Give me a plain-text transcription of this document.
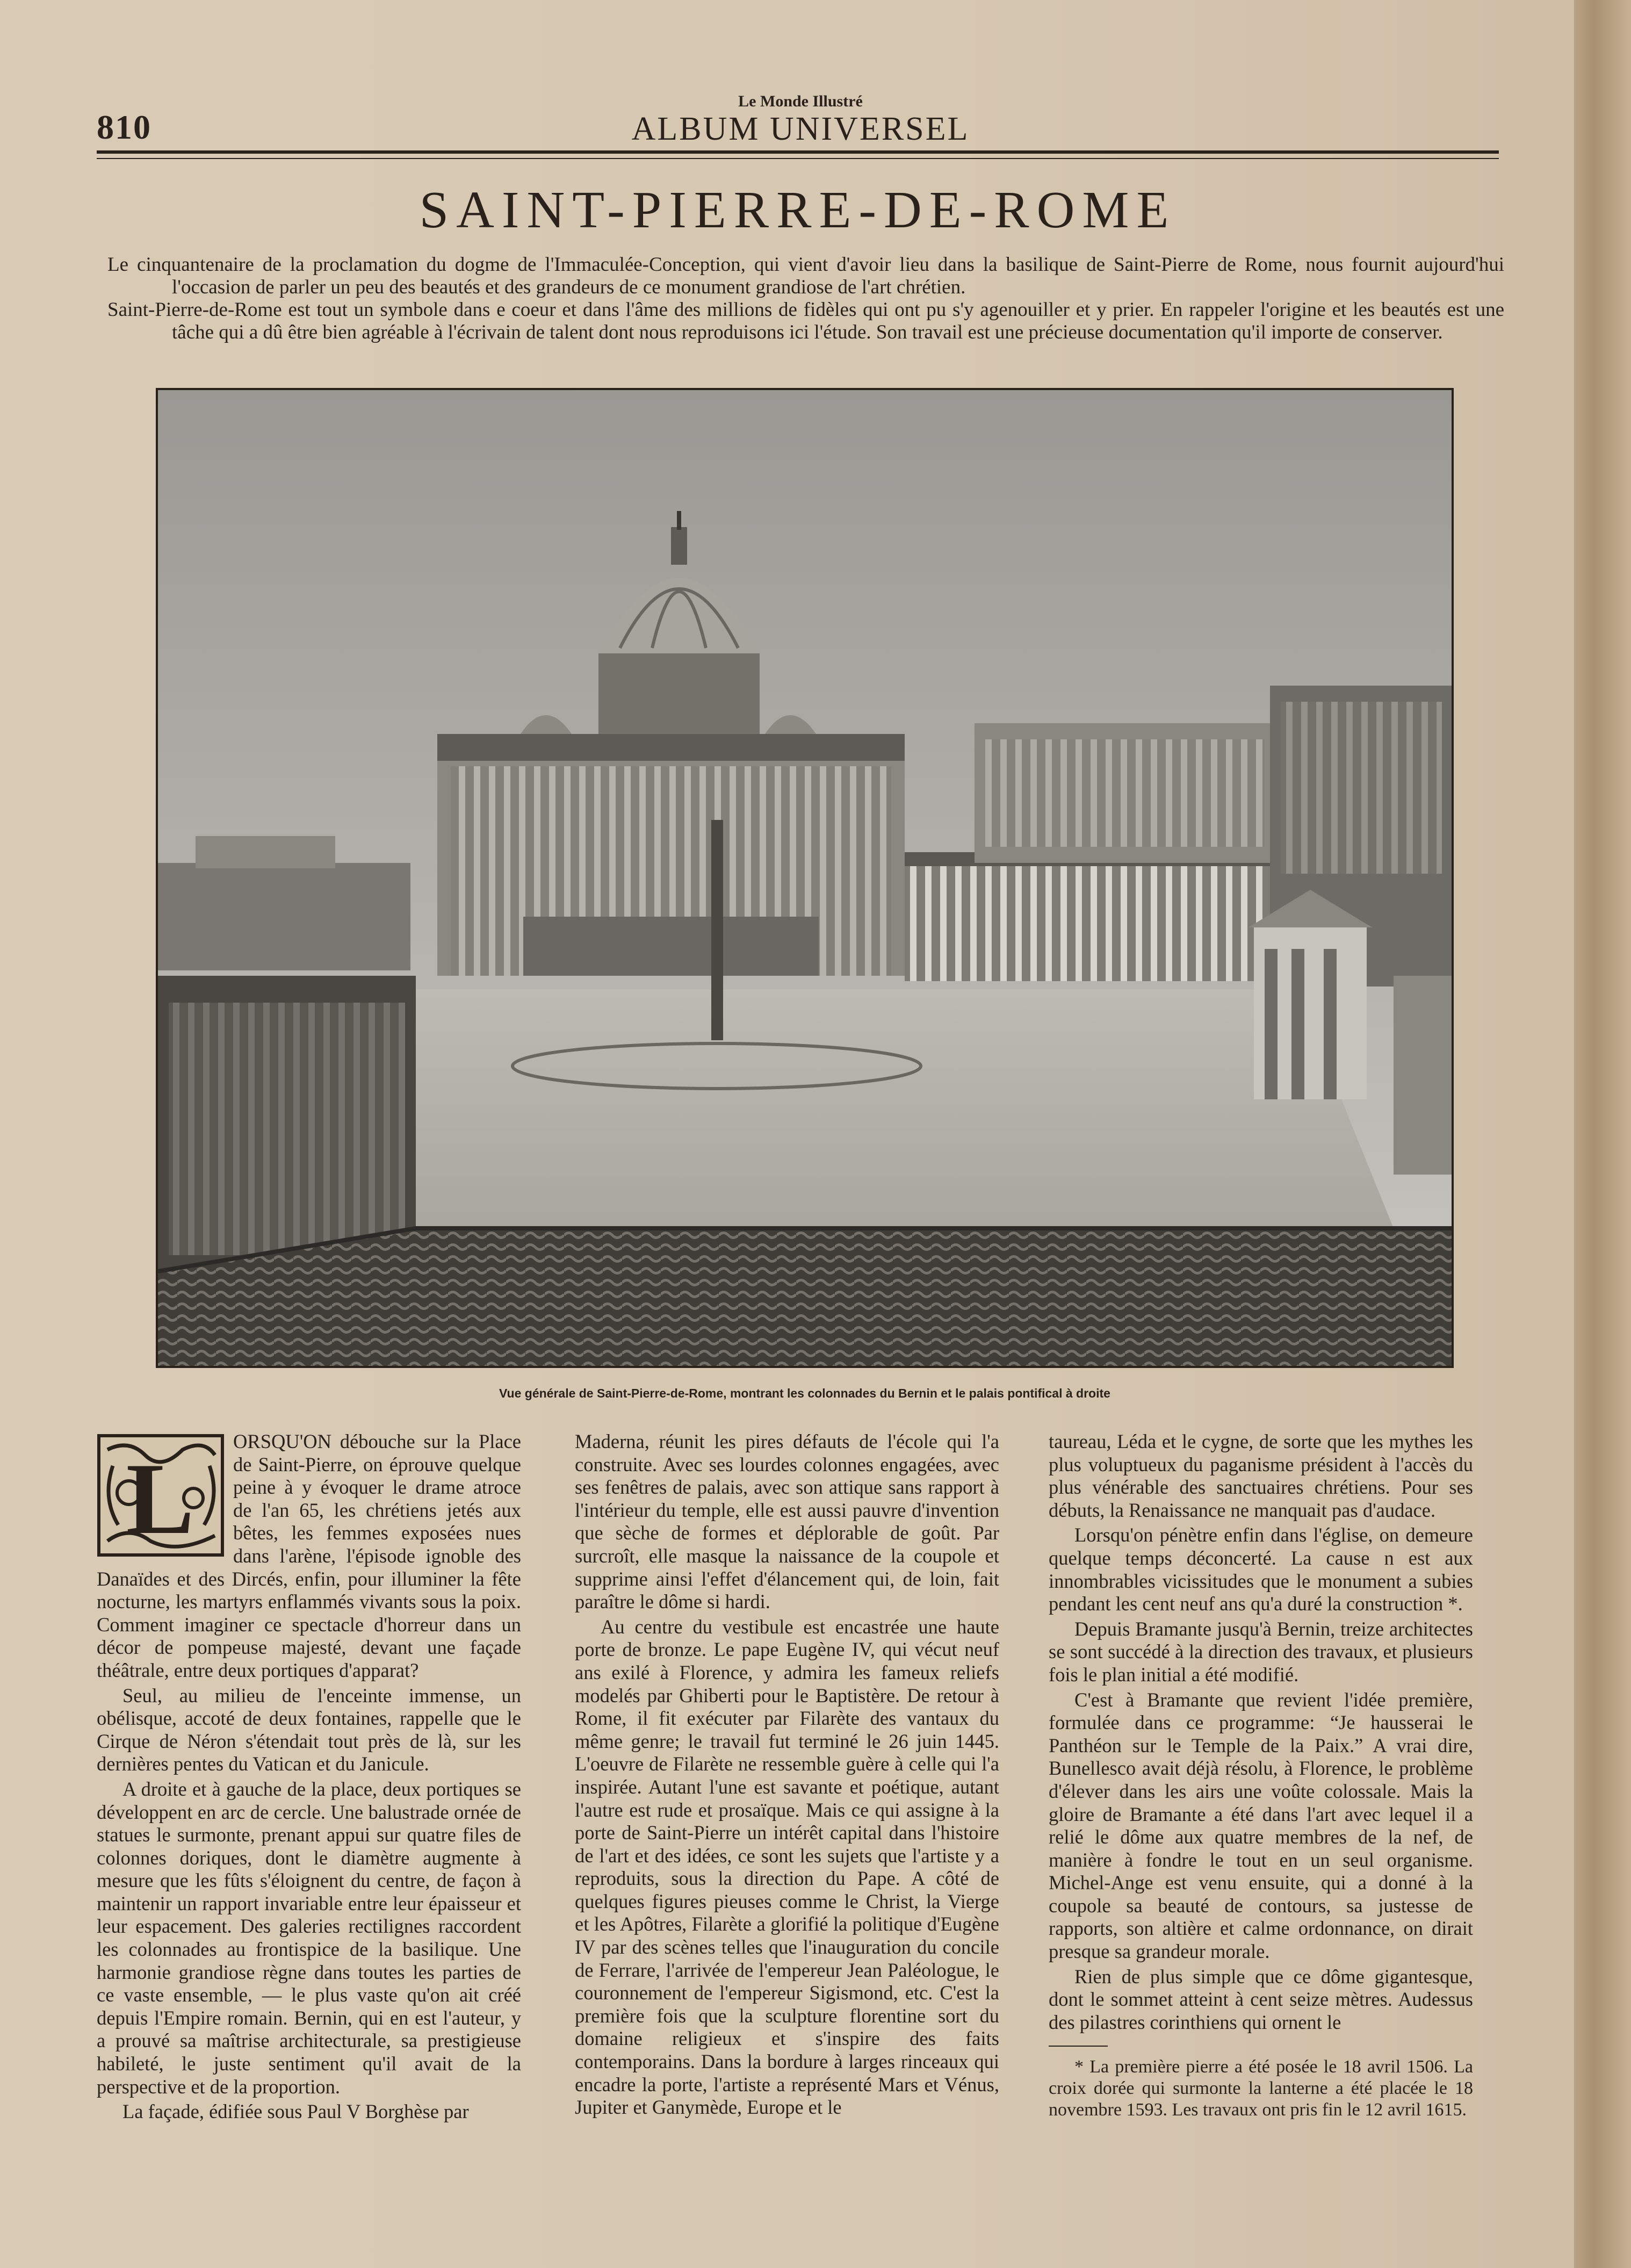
810
Le Monde Illustré
ALBUM UNIVERSEL
SAINT-PIERRE-DE-ROME

Le cinquantenaire de la proclamation du dogme de l'Immaculée-Conception, qui vient d'avoir lieu dans la basilique de Saint-Pierre de Rome, nous fournit aujourd'hui l'occasion de parler un peu des beautés et des grandeurs de ce monument grandiose de l'art chrétien.

Saint-Pierre-de-Rome est tout un symbole dans e coeur et dans l'âme des millions de fidèles qui ont pu s'y agenouiller et y prier. En rappeler l'origine et les beautés est une tâche qui a dû être bien agréable à l'écrivain de talent dont nous reproduisons ici l'étude. Son travail est une précieuse documentation qu'il importe de conserver.

Vue générale de Saint-Pierre-de-Rome, montrant les colonnades du Bernin et le palais pontifical à droite
L

ORSQU'ON débouche sur la Place de Saint-Pierre, on éprouve quelque peine à y évoquer le drame atroce de l'an 65, les chrétiens jetés aux bêtes, les femmes exposées nues dans l'arène, l'épisode ignoble des Danaïdes et des Dircés, enfin, pour illuminer la fête nocturne, les martyrs enflammés vivants sous la poix. Comment imaginer ce spectacle d'horreur dans un décor de pompeuse majesté, devant une façade théâtrale, entre deux portiques d'apparat?

Seul, au milieu de l'enceinte immense, un obélisque, accoté de deux fontaines, rappelle que le Cirque de Néron s'étendait tout près de là, sur les dernières pentes du Vatican et du Janicule.

A droite et à gauche de la place, deux portiques se développent en arc de cercle. Une balustrade ornée de statues le surmonte, prenant appui sur quatre files de colonnes doriques, dont le diamètre augmente à mesure que les fûts s'éloignent du centre, de façon à maintenir un rapport invariable entre leur épaisseur et leur espacement. Des galeries rectilignes raccordent les colonnades au frontispice de la basilique. Une harmonie grandiose règne dans toutes les parties de ce vaste ensemble, — le plus vaste qu'on ait créé depuis l'Empire romain. Bernin, qui en est l'auteur, y a prouvé sa maîtrise architecturale, sa prestigieuse habileté, le juste sentiment qu'il avait de la perspective et de la proportion.

La façade, édifiée sous Paul V Borghèse par

Maderna, réunit les pires défauts de l'école qui l'a construite. Avec ses lourdes colonnes engagées, avec ses fenêtres de palais, avec son attique sans rapport à l'intérieur du temple, elle est aussi pauvre d'invention que sèche de formes et déplorable de goût. Par surcroît, elle masque la naissance de la coupole et supprime ainsi l'effet d'élancement qui, de loin, fait paraître le dôme si hardi.

Au centre du vestibule est encastrée une haute porte de bronze. Le pape Eugène IV, qui vécut neuf ans exilé à Florence, y admira les fameux reliefs modelés par Ghiberti pour le Baptistère. De retour à Rome, il fit exécuter par Filarète des vantaux du même genre; le travail fut terminé le 26 juin 1445. L'oeuvre de Filarète ne ressemble guère à celle qui l'a inspirée. Autant l'une est savante et poétique, autant l'autre est rude et prosaïque. Mais ce qui assigne à la porte de Saint-Pierre un intérêt capital dans l'histoire de l'art et des idées, ce sont les sujets que l'artiste y a reproduits, sous la direction du Pape. A côté de quelques figures pieuses comme le Christ, la Vierge et les Apôtres, Filarète a glorifié la politique d'Eugène IV par des scènes telles que l'inauguration du concile de Ferrare, l'arrivée de l'empereur Jean Paléologue, le couronnement de l'empereur Sigismond, etc. C'est la première fois que la sculpture florentine sort du domaine religieux et s'inspire des faits contemporains. Dans la bordure à larges rinceaux qui encadre la porte, l'artiste a représenté Mars et Vénus, Jupiter et Ganymède, Europe et le

taureau, Léda et le cygne, de sorte que les mythes les plus voluptueux du paganisme président à l'accès du plus vénérable des sanctuaires chrétiens. Pour ses débuts, la Renaissance ne manquait pas d'audace.

Lorsqu'on pénètre enfin dans l'église, on demeure quelque temps déconcerté. La cause n est aux innombrables vicissitudes que le monument a subies pendant les cent neuf ans qu'a duré la construction *.

Depuis Bramante jusqu'à Bernin, treize architectes se sont succédé à la direction des travaux, et plusieurs fois le plan initial a été modifié.

C'est à Bramante que revient l'idée première, formulée dans ce programme: “Je hausserai le Panthéon sur le Temple de la Paix.” A vrai dire, Bunellesco avait déjà résolu, à Florence, le problème d'élever dans les airs une voûte colossale. Mais la gloire de Bramante a été dans l'art avec lequel il a relié le dôme aux quatre membres de la nef, de manière à fondre le tout en un seul organisme. Michel-Ange est venu ensuite, qui a donné à la coupole sa beauté de contours, sa justesse de rapports, son altière et calme ordonnance, on dirait presque sa grandeur morale.

Rien de plus simple que ce dôme gigantesque, dont le sommet atteint à cent seize mètres. Audessus des pilastres corinthiens qui ornent le

* La première pierre a été posée le 18 avril 1506. La croix dorée qui surmonte la lanterne a été placée le 18 novembre 1593. Les travaux ont pris fin le 12 avril 1615.
